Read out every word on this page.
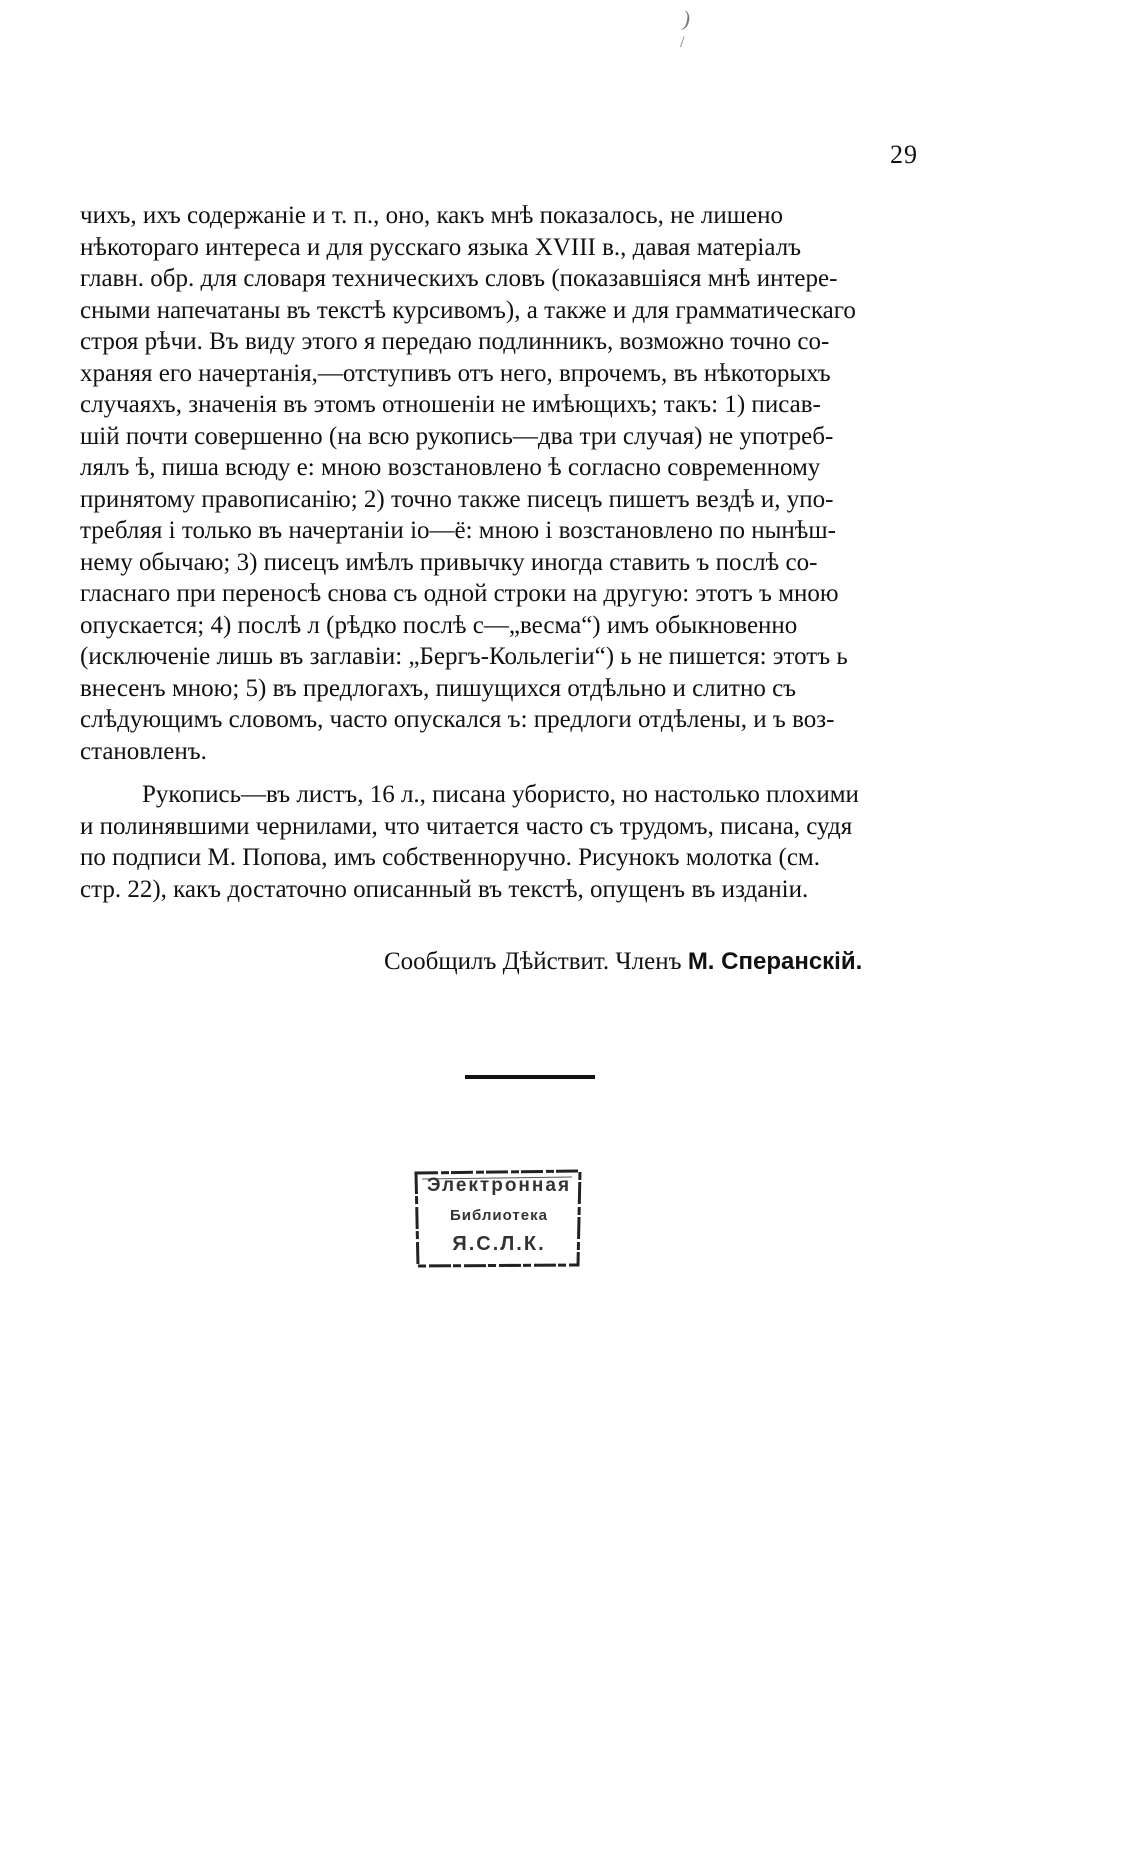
)
/
29
чихъ, ихъ содержаніе и т. п., оно, какъ мнѣ показалось, не лишено
нѣкотораго интереса и для русскаго языка XVIII в., давая матеріалъ
главн. обр. для словаря техническихъ словъ (показавшіяся мнѣ интере-
сными напечатаны въ текстѣ курсивомъ), а также и для грамматическаго
строя рѣчи. Въ виду этого я передаю подлинникъ, возможно точно со-
храняя его начертанія,—отступивъ отъ него, впрочемъ, въ нѣкоторыхъ
случаяхъ, значенія въ этомъ отношеніи не имѣющихъ; такъ: 1) писав-
шій почти совершенно (на всю рукопись—два три случая) не употреб-
лялъ ѣ, пиша всюду е: мною возстановлено ѣ согласно современному
принятому правописанію; 2) точно также писецъ пишетъ вездѣ и, упо-
требляя і только въ начертаніи іо—ё: мною і возстановлено по нынѣш-
нему обычаю; 3) писецъ имѣлъ привычку иногда ставить ъ послѣ со-
гласнаго при переносѣ снова съ одной строки на другую: этотъ ъ мною
опускается; 4) послѣ л (рѣдко послѣ с—„весма“) имъ обыкновенно
(исключеніе лишь въ заглавіи: „Бергъ-Кольлегіи“) ь не пишется: этотъ ь
внесенъ мною; 5) въ предлогахъ, пишущихся отдѣльно и слитно съ
слѣдующимъ словомъ, часто опускался ъ: предлоги отдѣлены, и ъ воз-
становленъ.
Рукопись—въ листъ, 16 л., писана убористо, но настолько плохими
и полинявшими чернилами, что читается часто съ трудомъ, писана, судя
по подписи М. Попова, имъ собственноручно. Рисунокъ молотка (см.
стр. 22), какъ достаточно описанный въ текстѣ, опущенъ въ изданіи.
Сообщилъ Дѣйствит. Членъ М. Сперанскій.
Электронная
Библиотека
Я.С.Л.К.
